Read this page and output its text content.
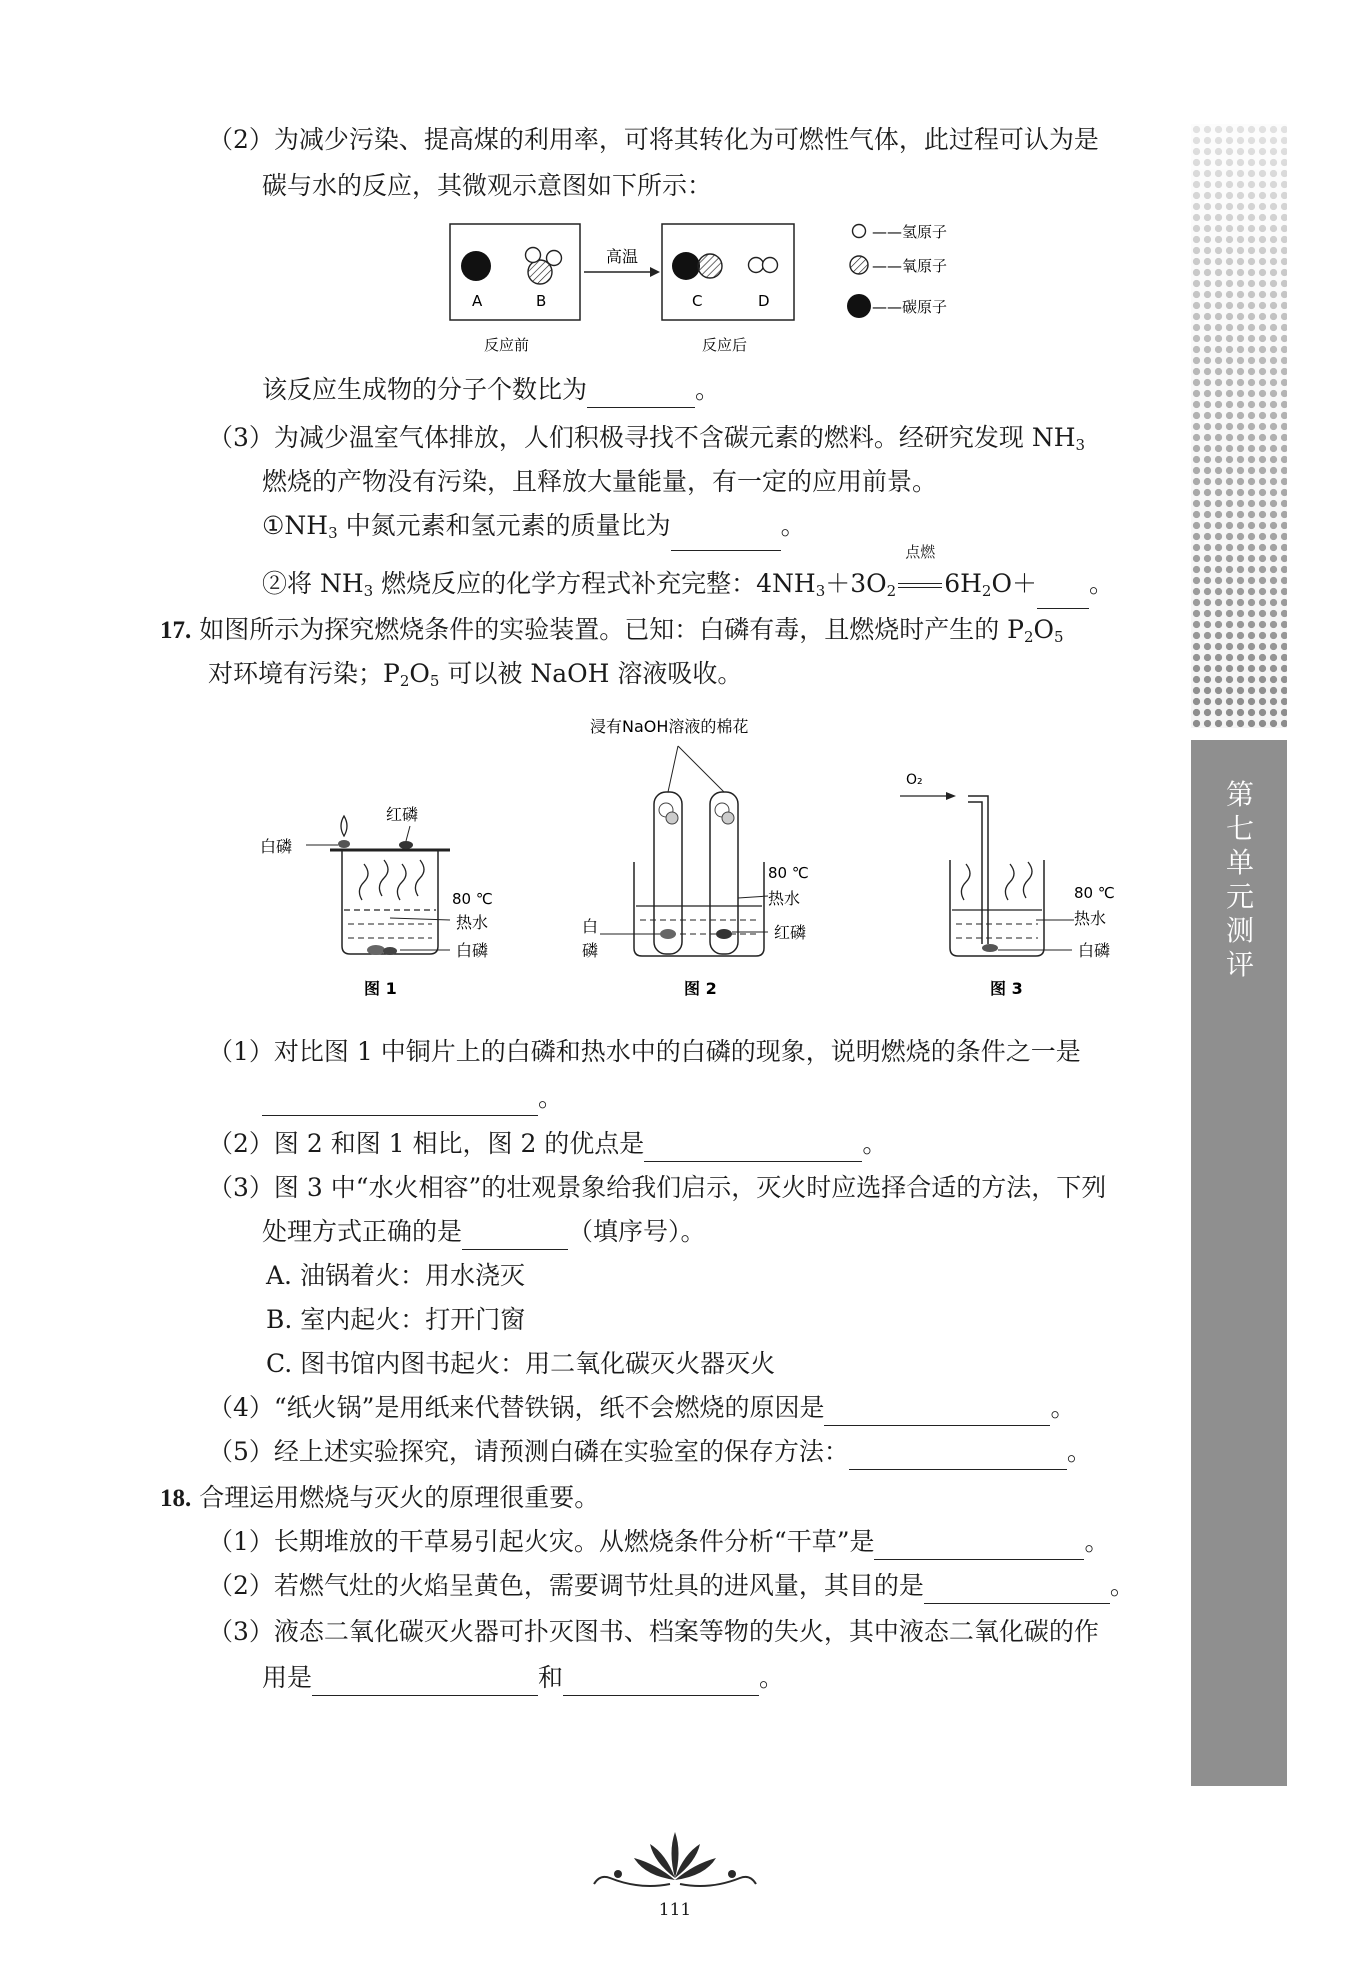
第
七
单
元
测
评
（2）为减少污染、提高煤的利用率，可将其转化为可燃性气体，此过程可认为是
碳与水的反应，其微观示意图如下所示：
高温
A	B	C	D
反应前	反应后
——氢原子
——氧原子
——碳原子
该反应生成物的分子个数比为	。
（3）为减少温室气体排放，人们积极寻找不含碳元素的燃料。经研究发现 $NH_3$
燃烧的产物没有污染，且释放大量能量，有一定的应用前景。
$①NH_3$ 中氮元素和氢元素的质量比为	。
②将 $NH_3$ 燃烧反应的化学方程式补充完整：$4NH_3+3O_2$
点燃
$6H_2O+$ 。
17. 如图所示为探究燃烧条件的实验装置。已知：白磷有毒，且燃烧时产生的 $P_2O_5$
对环境有污染；$P_2O_5$ 可以被 NaOH 溶液吸收。
浸有NaOH溶液的棉花
红磷
白磷
80 ℃
热水
白磷
图 1
80 ℃
热水
红磷
白
磷
图 2
O₂
80 ℃
热水
白磷
图 3
（1）对比图 1 中铜片上的白磷和热水中的白磷的现象，说明燃烧的条件之一是
。
（2）图 2 和图 1 相比，图 2 的优点是	。
（3）图 3 中“水火相容”的壮观景象给我们启示，灭火时应选择合适的方法，下列
处理方式正确的是	（填序号）。
A. 油锅着火：用水浇灭
B. 室内起火：打开门窗
C. 图书馆内图书起火：用二氧化碳灭火器灭火
（4）“纸火锅”是用纸来代替铁锅，纸不会燃烧的原因是	。
（5）经上述实验探究，请预测白磷在实验室的保存方法：	。
18. 合理运用燃烧与灭火的原理很重要。
（1）长期堆放的干草易引起火灾。从燃烧条件分析“干草”是	。
（2）若燃气灶的火焰呈黄色，需要调节灶具的进风量，其目的是	。
（3）液态二氧化碳灭火器可扑灭图书、档案等物的失火，其中液态二氧化碳的作
用是	和	。
111
